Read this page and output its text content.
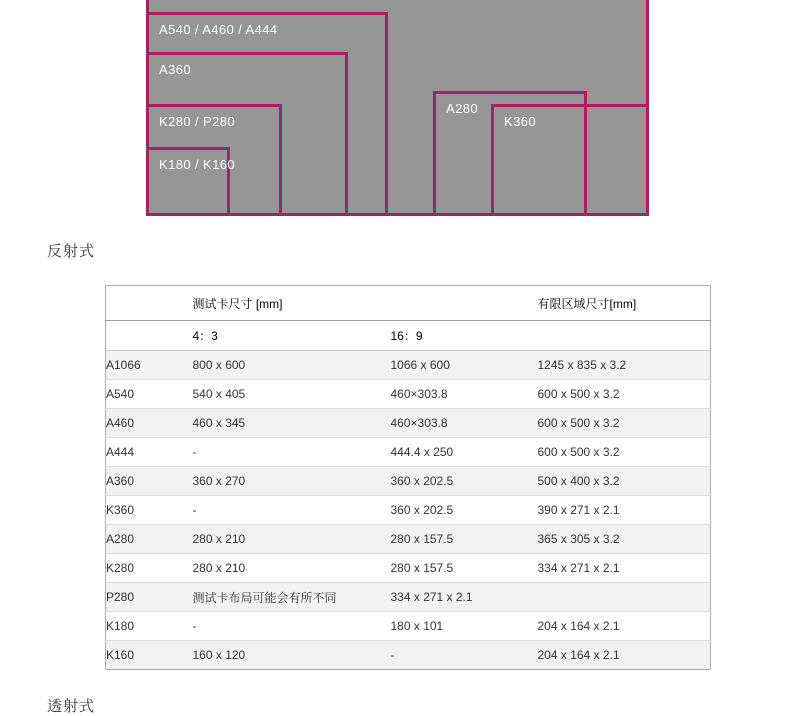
A540 / A460 / A444
A360
K280 / P280
K180 / K160
A280
K360
反射式
	测试卡尺寸 [mm]		有限区域尺寸[mm]
	4：3	16：9	
A1066	800 x 600	1066 x 600	1245 x 835 x 3.2
A540	540 x 405	460×303.8	600 x 500 x 3.2
A460	460 x 345	460×303.8	600 x 500 x 3.2
A444	-	444.4 x 250	600 x 500 x 3.2
A360	360 x 270	360 x 202.5	500 x 400 x 3.2
K360	-	360 x 202.5	390 x 271 x 2.1
A280	280 x 210	280 x 157.5	365 x 305 x 3.2
K280	280 x 210	280 x 157.5	334 x 271 x 2.1
P280	测试卡布局可能会有所不同	334 x 271 x 2.1	
K180	-	180 x 101	204 x 164 x 2.1
K160	160 x 120	-	204 x 164 x 2.1
透射式
